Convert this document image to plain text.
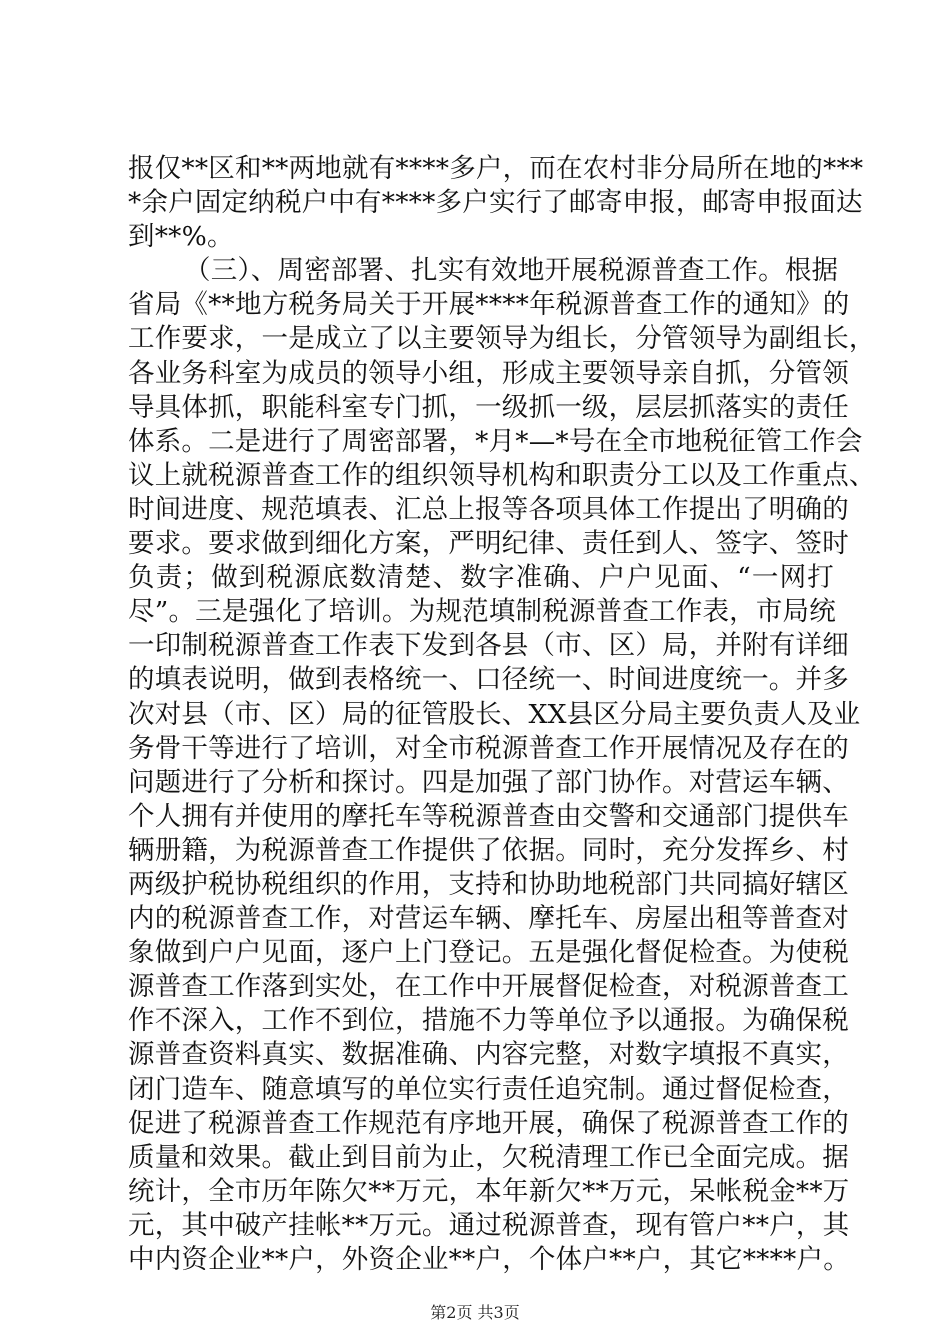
报仅**区和**两地就有****多户，而在农村非分局所在地的***
*余户固定纳税户中有****多户实行了邮寄申报，邮寄申报面达
到**%。
（三）、周密部署、扎实有效地开展税源普查工作。根据
省局《**地方税务局关于开展****年税源普查工作的通知》的
工作要求，一是成立了以主要领导为组长，分管领导为副组长，
各业务科室为成员的领导小组，形成主要领导亲自抓，分管领
导具体抓，职能科室专门抓，一级抓一级，层层抓落实的责任
体系。二是进行了周密部署，*月*—*号在全市地税征管工作会
议上就税源普查工作的组织领导机构和职责分工以及工作重点、
时间进度、规范填表、汇总上报等各项具体工作提出了明确的
要求。要求做到细化方案，严明纪律、责任到人、签字、签时
负责；做到税源底数清楚、数字准确、户户见面、“一网打
尽”。三是强化了培训。为规范填制税源普查工作表，市局统
一印制税源普查工作表下发到各县（市、区）局，并附有详细
的填表说明，做到表格统一、口径统一、时间进度统一。并多
次对县（市、区）局的征管股长、XX县区分局主要负责人及业
务骨干等进行了培训，对全市税源普查工作开展情况及存在的
问题进行了分析和探讨。四是加强了部门协作。对营运车辆、
个人拥有并使用的摩托车等税源普查由交警和交通部门提供车
辆册籍，为税源普查工作提供了依据。同时，充分发挥乡、村
两级护税协税组织的作用，支持和协助地税部门共同搞好辖区
内的税源普查工作，对营运车辆、摩托车、房屋出租等普查对
象做到户户见面，逐户上门登记。五是强化督促检查。为使税
源普查工作落到实处，在工作中开展督促检查，对税源普查工
作不深入，工作不到位，措施不力等单位予以通报。为确保税
源普查资料真实、数据准确、内容完整，对数字填报不真实，
闭门造车、随意填写的单位实行责任追究制。通过督促检查，
促进了税源普查工作规范有序地开展，确保了税源普查工作的
质量和效果。截止到目前为止，欠税清理工作已全面完成。据
统计，全市历年陈欠**万元，本年新欠**万元，呆帐税金**万
元，其中破产挂帐**万元。通过税源普查，现有管户**户，其
中内资企业**户，外资企业**户，个体户**户，其它****户。
第2页 共3页
